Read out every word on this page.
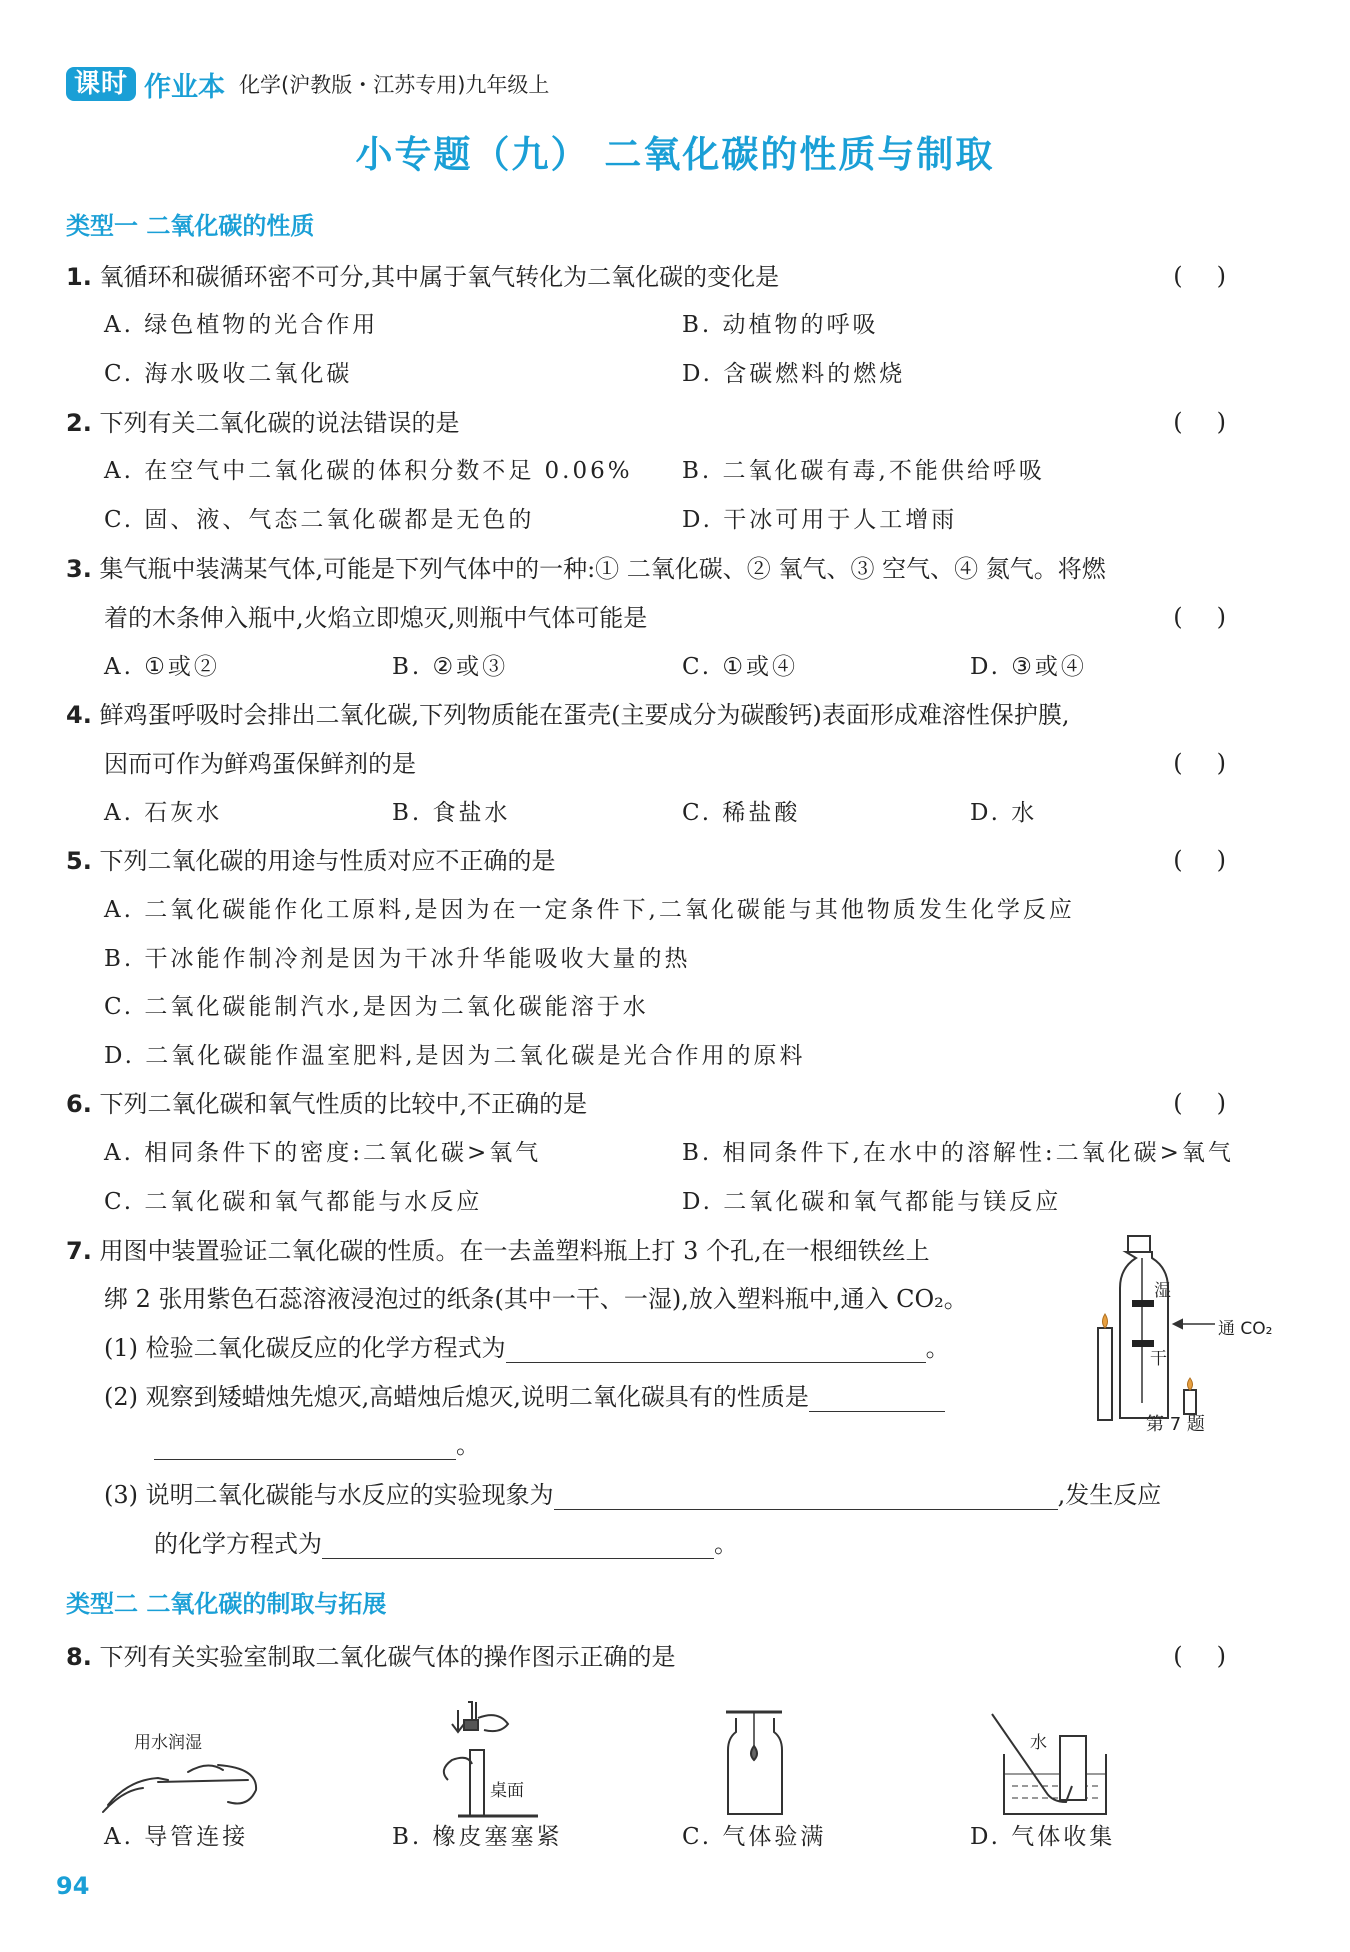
课时 作业本 化学(沪教版・江苏专用)九年级上
小专题（九） 二氧化碳的性质与制取
类型一 二氧化碳的性质
1. 氧循环和碳循环密不可分,其中属于氧气转化为二氧化碳的变化是	()
A. 绿色植物的光合作用	B. 动植物的呼吸
C. 海水吸收二氧化碳	D. 含碳燃料的燃烧
2. 下列有关二氧化碳的说法错误的是	()
A. 在空气中二氧化碳的体积分数不足 0.06% B. 二氧化碳有毒,不能供给呼吸
C. 固、液、气态二氧化碳都是无色的	D. 干冰可用于人工增雨
3. 集气瓶中装满某气体,可能是下列气体中的一种:① 二氧化碳、② 氧气、③ 空气、④ 氮气。将燃
着的木条伸入瓶中,火焰立即熄灭,则瓶中气体可能是	()
A. ①或②	B. ②或③	C. ①或④	D. ③或④
4. 鲜鸡蛋呼吸时会排出二氧化碳,下列物质能在蛋壳(主要成分为碳酸钙)表面形成难溶性保护膜,
因而可作为鲜鸡蛋保鲜剂的是	()
A. 石灰水	B. 食盐水	C. 稀盐酸	D. 水
5. 下列二氧化碳的用途与性质对应不正确的是	()
A. 二氧化碳能作化工原料,是因为在一定条件下,二氧化碳能与其他物质发生化学反应
B. 干冰能作制冷剂是因为干冰升华能吸收大量的热
C. 二氧化碳能制汽水,是因为二氧化碳能溶于水
D. 二氧化碳能作温室肥料,是因为二氧化碳是光合作用的原料
6. 下列二氧化碳和氧气性质的比较中,不正确的是	()
A. 相同条件下的密度:二氧化碳>氧气	B. 相同条件下,在水中的溶解性:二氧化碳>氧气
C. 二氧化碳和氧气都能与水反应	D. 二氧化碳和氧气都能与镁反应
7. 用图中装置验证二氧化碳的性质。在一去盖塑料瓶上打 3 个孔,在一根细铁丝上
绑 2 张用紫色石蕊溶液浸泡过的纸条(其中一干、一湿),放入塑料瓶中,通入 CO₂。
(1) 检验二氧化碳反应的化学方程式为	。
(2) 观察到矮蜡烛先熄灭,高蜡烛后熄灭,说明二氧化碳具有的性质是
。
(3) 说明二氧化碳能与水反应的实验现象为	,发生反应
的化学方程式为	。
湿
干
通 CO₂
第 7 题
类型二 二氧化碳的制取与拓展
8. 下列有关实验室制取二氧化碳气体的操作图示正确的是	()
用水润湿
A. 导管连接
桌面
B. 橡皮塞塞紧	C. 气体验满
水
D. 气体收集
94
